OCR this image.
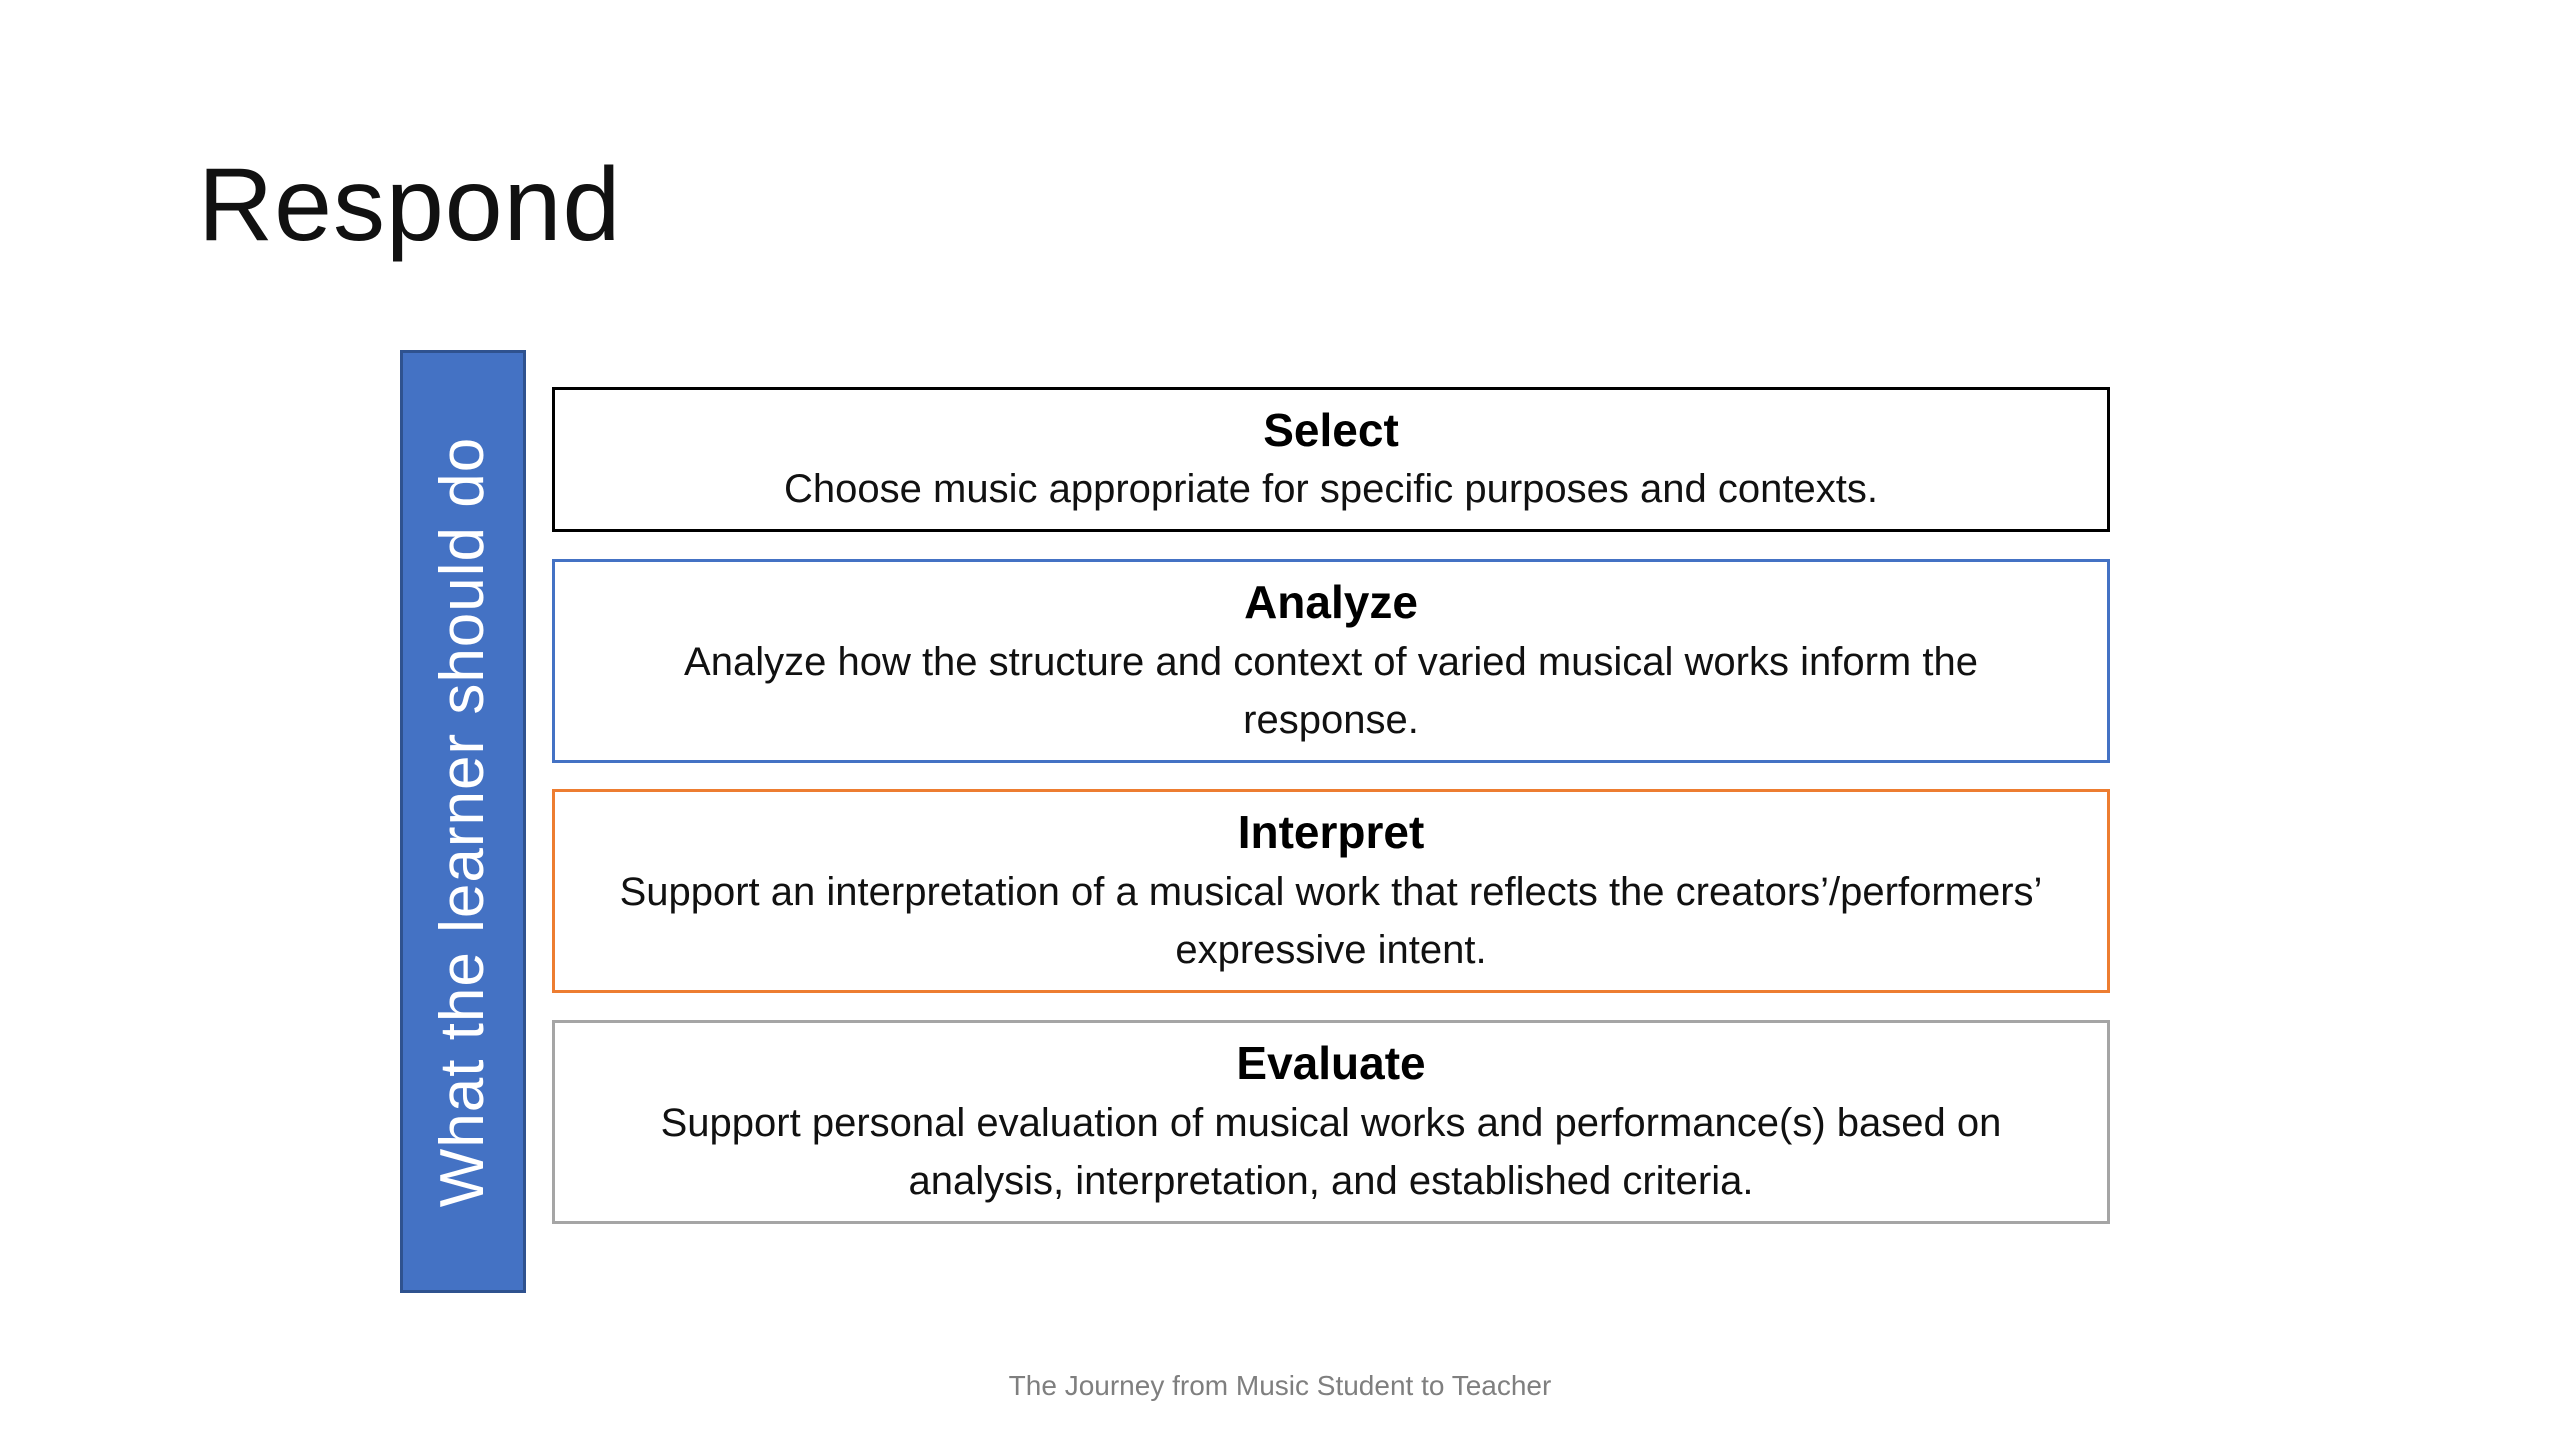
Respond
What the learner should do
Select
Choose music appropriate for specific purposes and contexts.
Analyze
Analyze how the structure and context of varied musical works inform the response.
Interpret
Support an interpretation of a musical work that reflects the creators’/performers’ expressive intent.
Evaluate
Support personal evaluation of musical works and performance(s) based on analysis, interpretation, and established criteria.
The Journey from Music Student to Teacher
